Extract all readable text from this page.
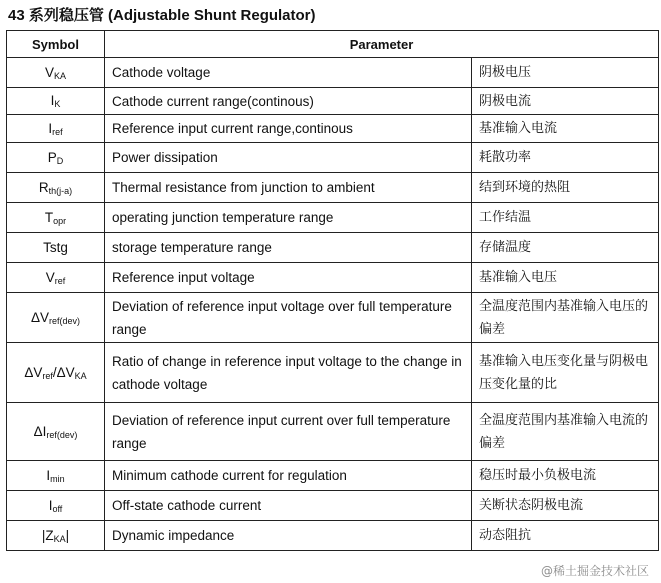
43 系列稳压管 (Adjustable Shunt Regulator)
Symbol	Parameter	
$V_{KA}$	Cathode voltage	阴极电压
$I_K$	Cathode current range(continous)	阴极电流
$I_{ref}$	Reference input current range,continous	基准输入电流
$P_D$	Power dissipation	耗散功率
$R_{th(j-a)}$	Thermal resistance from junction to ambient	结到环境的热阻
$T_{opr}$	operating junction temperature range	工作结温
Tstg	storage temperature range	存储温度
$V_{ref}$	Reference input voltage	基准输入电压
$\Delta V_{ref(dev)}$	Deviation of reference input voltage over full temperature range	全温度范围内基准输入电压的偏差
$\Delta V_{ref}/\Delta V_{KA}$	Ratio of change in reference input voltage to the change in cathode voltage	基准输入电压变化量与阴极电压变化量的比
$\Delta I_{ref(dev)}$	Deviation of reference input current over full temperature range	全温度范围内基准输入电流的偏差
$I_{min}$	Minimum cathode current for regulation	稳压时最小负极电流
$I_{off}$	Off-state cathode current	关断状态阴极电流
$|Z_{KA}|$	Dynamic impedance	动态阻抗
@稀土掘金技术社区
